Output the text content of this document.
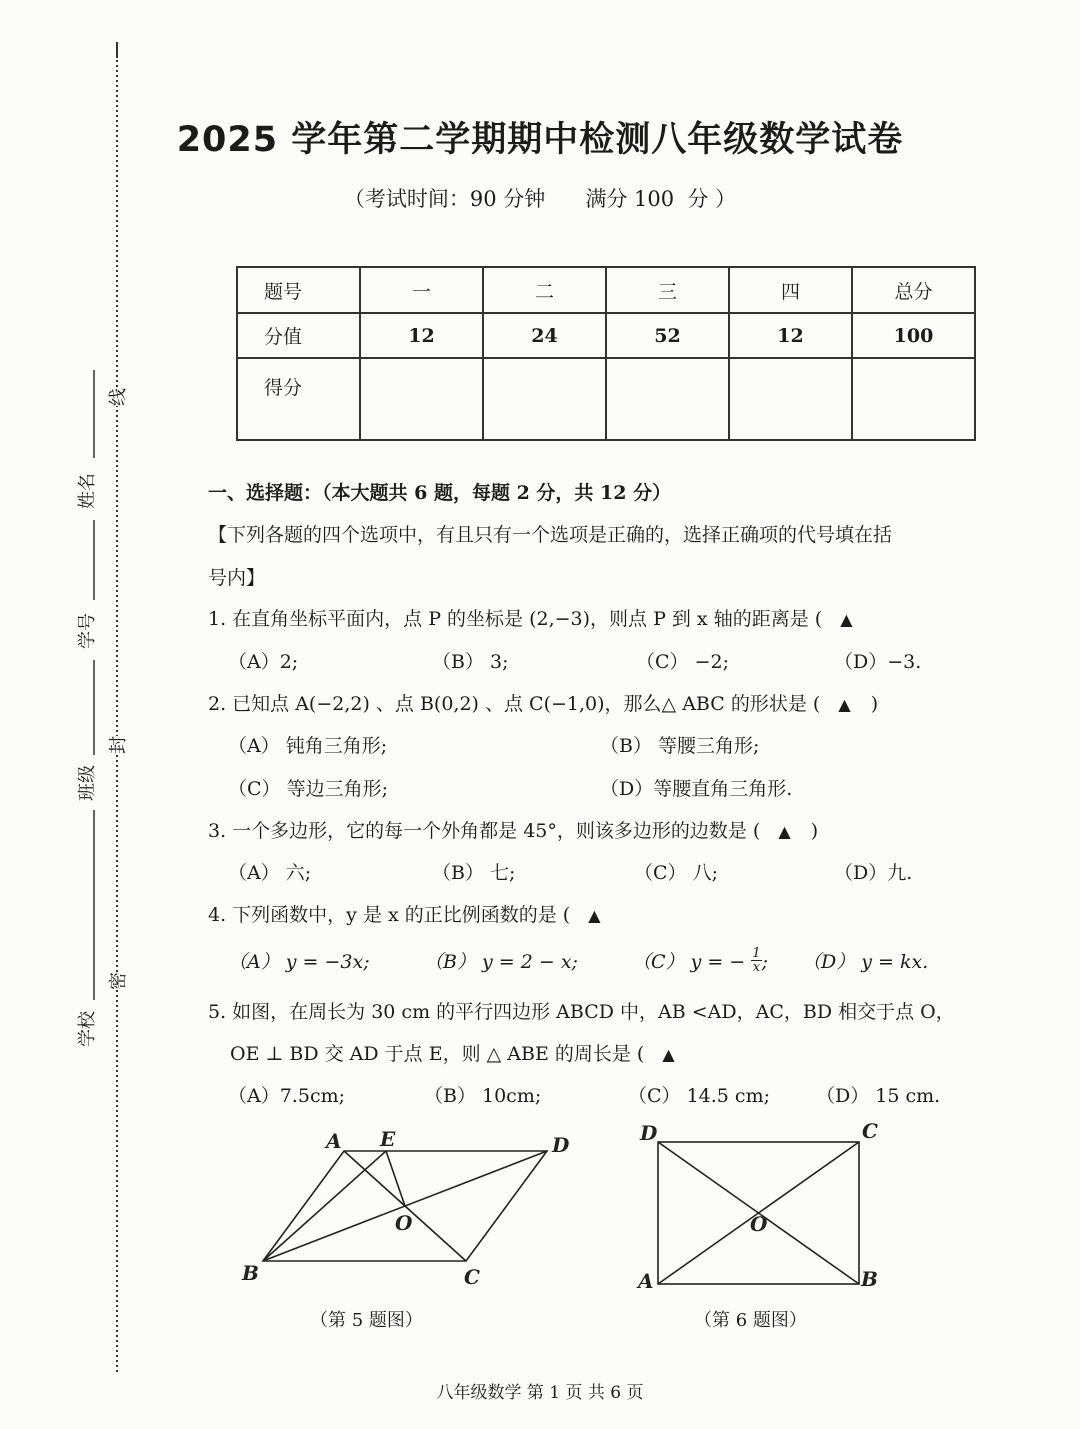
姓名
学号
班级
学校
线
封
密
2025 学年第二学期期中检测八年级数学试卷
（考试时间：90 分钟      满分 100  分 ）
题号	一	二	三	四	总分
分值	12	24	52	12	100
得分					
一、选择题：（本大题共 6 题，每题 2 分，共 12 分）
【下列各题的四个选项中，有且只有一个选项是正确的，选择正确项的代号填在括
号内】
1. 在直角坐标平面内，点 P 的坐标是 (2,−3)，则点 P 到 x 轴的距离是 ( ▲
（A）2;	（B） 3;	（C） −2;	（D）−3.
2. 已知点 A(−2,2) 、点 B(0,2) 、点 C(−1,0)，那么△ ABC 的形状是 ( ▲ )
（A） 钝角三角形;	（B） 等腰三角形;
（C） 等边三角形;	（D）等腰直角三角形.
3. 一个多边形，它的每一个外角都是 45°，则该多边形的边数是 ( ▲ )
（A） 六;	（B） 七;	（C） 八;	（D）九.
4. 下列函数中，y 是 x 的正比例函数的是 ( ▲
（A） y = −3x;	（B） y = 2 − x;	（C） y = − $\frac{1}{x}$ ; （D） y = kx.
5. 如图，在周长为 30 cm 的平行四边形 ABCD 中，AB <AD，AC，BD 相交于点 O，
OE ⊥ BD 交 AD 于点 E，则 △ ABE 的周长是 ( ▲
（A）7.5cm;	（B） 10cm;	（C） 14.5 cm; （D） 15 cm.
A E	D
O
B	C
（第 5 题图）
D	C
O
A	B
（第 6 题图）
八年级数学 第 1 页 共 6 页
